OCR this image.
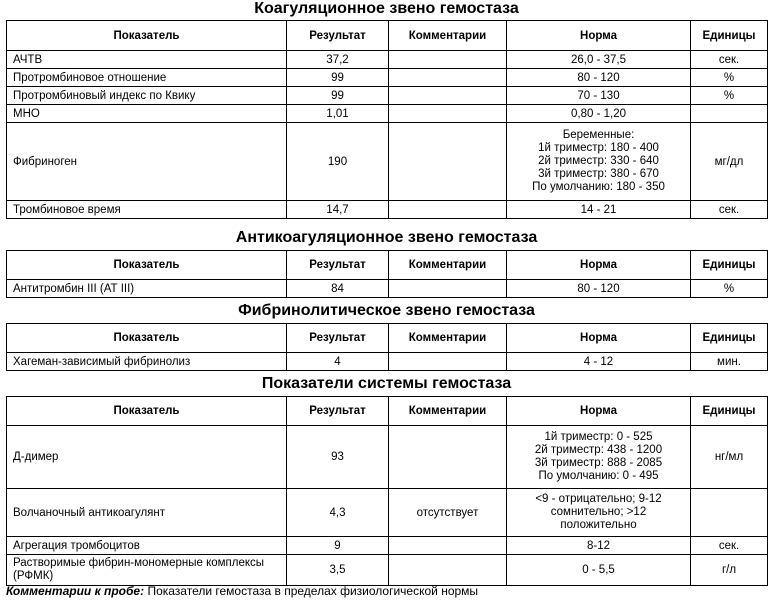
Коагуляционное звено гемостаза
Показатель	Результат	Комментарии	Норма	Единицы
АЧТВ	37,2		26,0 - 37,5	сек.
Протромбиновое отношение	99		80 - 120	%
Протромбиновый индекс по Квику	99		70 - 130	%
МНО	1,01		0,80 - 1,20	
Фибриноген	190		Беременные:
1й триместр: 180 - 400
2й триместр: 330 - 640
3й триместр: 380 - 670
По умолчанию: 180 - 350	мг/дл
Тромбиновое время	14,7		14 - 21	сек.
Антикоагуляционное звено гемостаза
Показатель	Результат	Комментарии	Норма	Единицы
Антитромбин III (АТ III)	84		80 - 120	%
Фибринолитическое звено гемостаза
Показатель	Результат	Комментарии	Норма	Единицы
Хагеман-зависимый фибринолиз	4		4 - 12	мин.
Показатели системы гемостаза
Показатель	Результат	Комментарии	Норма	Единицы
Д-димер	93		1й триместр: 0 - 525
2й триместр: 438 - 1200
3й триместр: 888 - 2085
По умолчанию: 0 - 495	нг/мл
Волчаночный антикоагулянт	4,3	отсутствует	<9 - отрицательно; 9-12
сомнительно; >12
положительно	

Агрегация тромбоцитов	9		8-12	сек.
Растворимые фибрин-мономерные комплексы (РФМК)	3,5		0 - 5,5	г/л
Комментарии к пробе: Показатели гемостаза в пределах физиологической нормы
